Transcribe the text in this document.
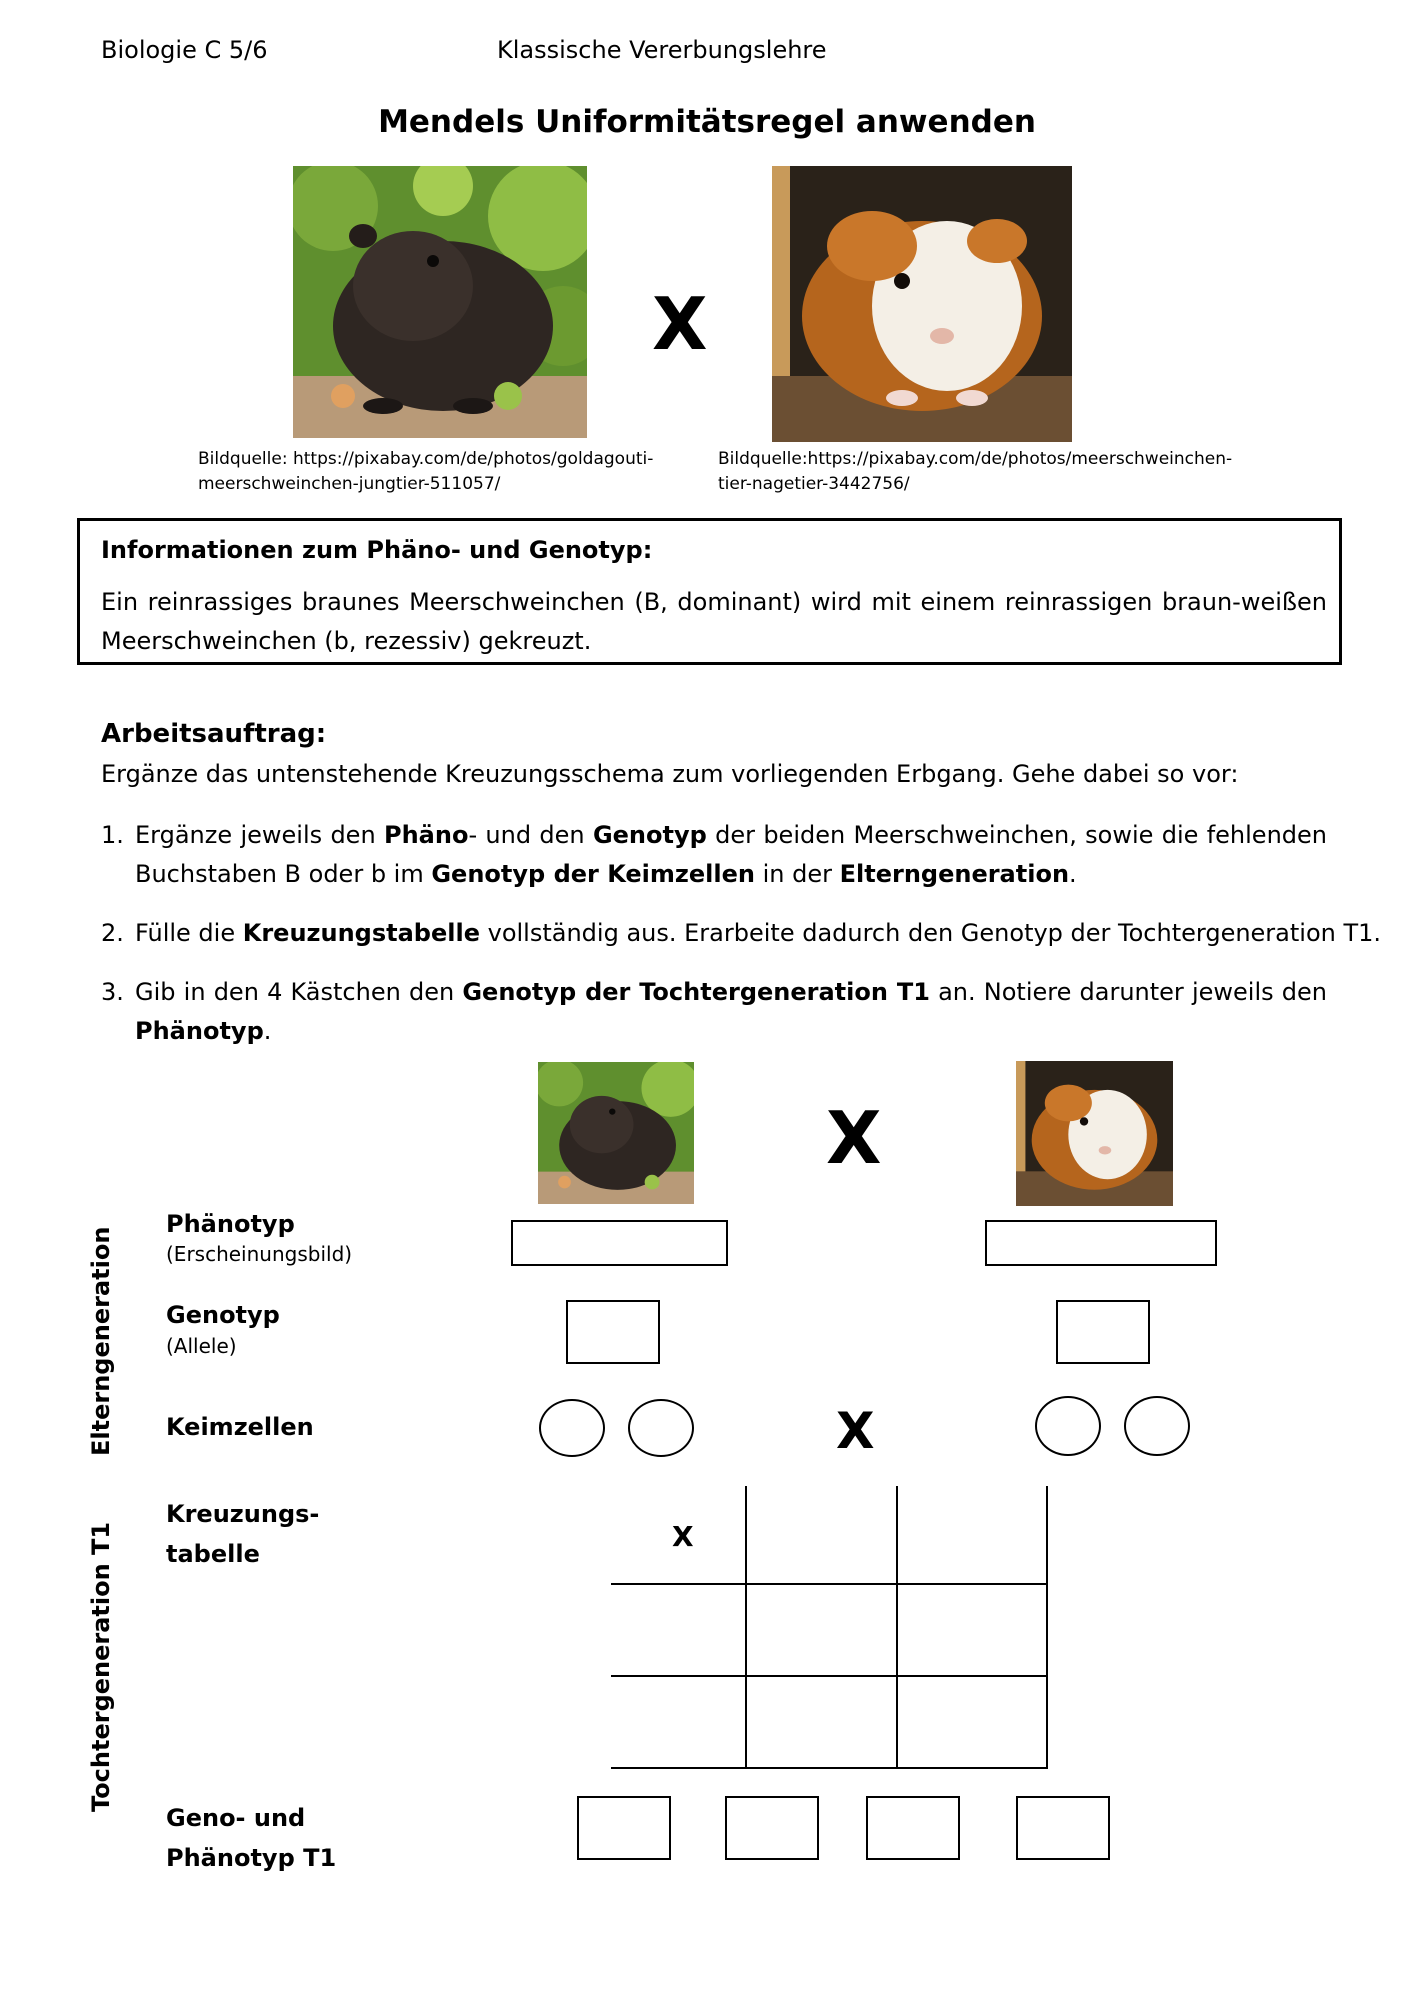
Biologie C 5/6	Klassische Vererbungslehre
Mendels Uniformitätsregel anwenden
X
Bildquelle: https://pixabay.com/de/photos/goldagouti-
meerschweinchen-jungtier-511057/
Bildquelle:https://pixabay.com/de/photos/meerschweinchen-
tier-nagetier-3442756/
Informationen zum Phäno- und Genotyp:
Ein reinrassiges braunes Meerschweinchen (B, dominant) wird mit einem reinrassigen braun-weißen Meerschweinchen (b, rezessiv) gekreuzt.
Arbeitsauftrag:
Ergänze das untenstehende Kreuzungsschema zum vorliegenden Erbgang. Gehe dabei so vor:
1. Ergänze jeweils den Phäno- und den Genotyp der beiden Meerschweinchen, sowie die fehlenden Buchstaben B oder b im Genotyp der Keimzellen in der Elterngeneration.
2. Fülle die Kreuzungstabelle vollständig aus. Erarbeite dadurch den Genotyp der Tochtergeneration T1.
3. Gib in den 4 Kästchen den Genotyp der Tochtergeneration T1 an. Notiere darunter jeweils den Phänotyp.
X
Elterngeneration
Tochtergeneration T1
Phänotyp
(Erscheinungsbild)
Genotyp
(Allele)
Keimzellen
Kreuzungs-
tabelle
Geno- und
Phänotyp T1
X
X
